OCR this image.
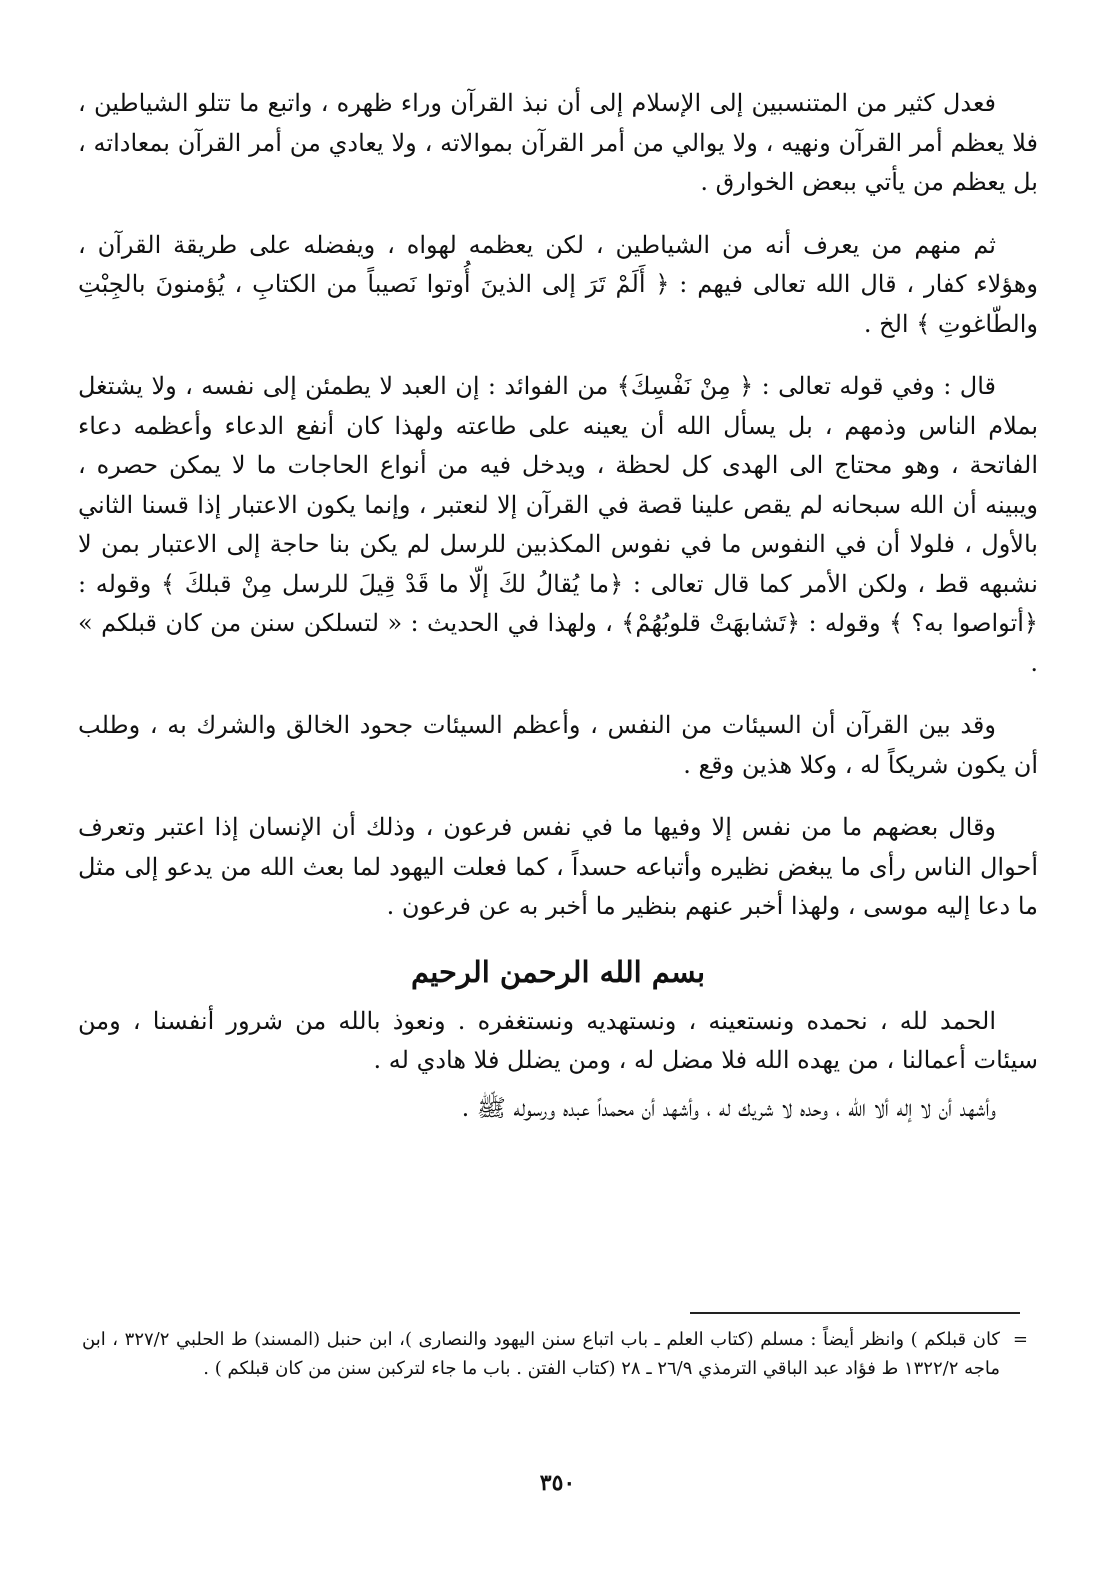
فعدل كثير من المتنسبين إلى الإسلام إلى أن نبذ القرآن وراء ظهره ، واتبع ما تتلو الشياطين ، فلا يعظم أمر القرآن ونهيه ، ولا يوالي من أمر القرآن بموالاته ، ولا يعادي من أمر القرآن بمعاداته ، بل يعظم من يأتي ببعض الخوارق .

ثم منهم من يعرف أنه من الشياطين ، لكن يعظمه لهواه ، ويفضله على طريقة القرآن ، وهؤلاء كفار ، قال الله تعالى فيهم : ﴿ أَلَمْ تَرَ إلى الذينَ أُوتوا نَصيباً من الكتابِ ، يُؤمنونَ بالجِبْتِ والطّاغوتِ ﴾ الخ .

قال : وفي قوله تعالى : ﴿ مِنْ نَفْسِكَ﴾ من الفوائد : إن العبد لا يطمئن إلى نفسه ، ولا يشتغل بملام الناس وذمهم ، بل يسأل الله أن يعينه على طاعته ولهذا كان أنفع الدعاء وأعظمه دعاء الفاتحة ، وهو محتاج الى الهدى كل لحظة ، ويدخل فيه من أنواع الحاجات ما لا يمكن حصره ، ويبينه أن الله سبحانه لم يقص علينا قصة في القرآن إلا لنعتبر ، وإنما يكون الاعتبار إذا قسنا الثاني بالأول ، فلولا أن في النفوس ما في نفوس المكذبين للرسل لم يكن بنا حاجة إلى الاعتبار بمن لا نشبهه قط ، ولكن الأمر كما قال تعالى : ﴿ما يُقالُ لكَ إلّا ما قَدْ قِيلَ للرسل مِنْ قبلكَ ﴾ وقوله : ﴿أتواصوا به؟ ﴾ وقوله : ﴿تَشابهَتْ قلوبُهُمْ﴾ ، ولهذا في الحديث : « لتسلكن سنن من كان قبلكم » .

وقد بين القرآن أن السيئات من النفس ، وأعظم السيئات جحود الخالق والشرك به ، وطلب أن يكون شريكاً له ، وكلا هذين وقع .

وقال بعضهم ما من نفس إلا وفيها ما في نفس فرعون ، وذلك أن الإنسان إذا اعتبر وتعرف أحوال الناس رأى ما يبغض نظيره وأتباعه حسداً ، كما فعلت اليهود لما بعث الله من يدعو إلى مثل ما دعا إليه موسى ، ولهذا أخبر عنهم بنظير ما أخبر به عن فرعون .

بسم الله الرحمن الرحيم

الحمد لله ، نحمده ونستعينه ، ونستهديه ونستغفره . ونعوذ بالله من شرور أنفسنا ، ومن سيئات أعمالنا ، من يهده الله فلا مضل له ، ومن يضلل فلا هادي له .

وأشهد أن لا إله ألا الله ، وحده لا شريك له ، وأشهد أن محمداً عبده ورسوله ﷺ .

=
كان قبلكم ) وانظر أيضاً : مسلم (كتاب العلم ـ باب اتباع سنن اليهود والنصارى )، ابن حنبل (المسند) ط الحلبي ٣٢٧/٢ ، ابن ماجه ١٣٢٢/٢ ط فؤاد عبد الباقي الترمذي ٢٦/٩ ـ ٢٨ (كتاب الفتن . باب ما جاء لتركبن سنن من كان قبلكم ) .
٣٥٠
